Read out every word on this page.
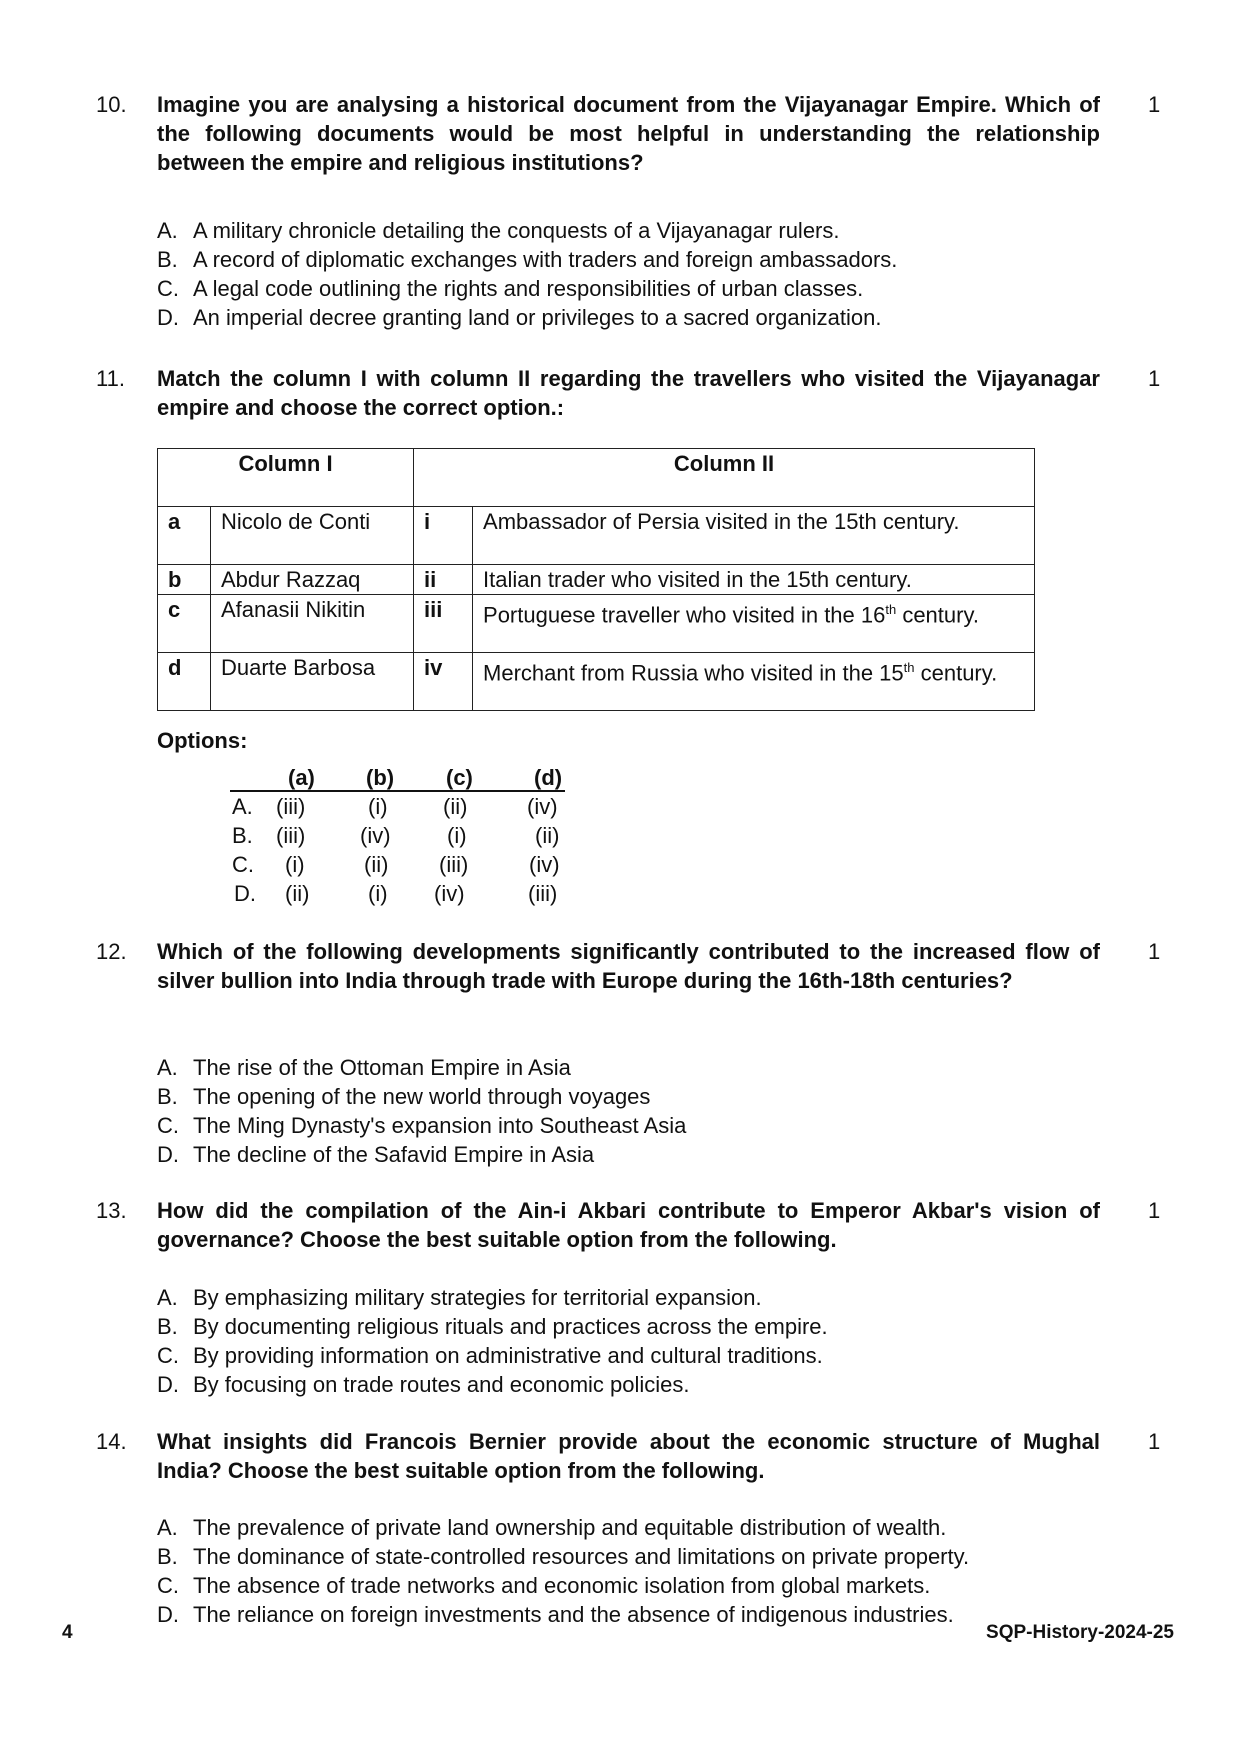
10. Imagine you are analysing a historical document from the Vijayanagar Empire. Which of the following documents would be most helpful in understanding the relationship between the empire and religious institutions?
1
A. A military chronicle detailing the conquests of a Vijayanagar rulers.
B. A record of diplomatic exchanges with traders and foreign ambassadors.
C. A legal code outlining the rights and responsibilities of urban classes.
D. An imperial decree granting land or privileges to a sacred organization.
11. Match the column I with column II regarding the travellers who visited the Vijayanagar empire and choose the correct option.:
1
Column I		Column II	
a	Nicolo de Conti	i	Ambassador of Persia visited in the 15th century.
b	Abdur Razzaq	ii	Italian trader who visited in the 15th century.
c	Afanasii Nikitin	iii	Portuguese traveller who visited in the 16th century.
d	Duarte Barbosa	iv	Merchant from Russia who visited in the 15th century.
Options:
(a) (b) (c)	(d)
A. (iii)	(i)	(ii)	(iv)
B. (iii) (iv)	(i)	(ii)
C. (i)	(ii) (iii)	(iv)
D. (ii)	(i) (iv)	(iii)
12. Which of the following developments significantly contributed to the increased flow of silver bullion into India through trade with Europe during the 16th-18th centuries?
1
A. The rise of the Ottoman Empire in Asia
B. The opening of the new world through voyages
C. The Ming Dynasty's expansion into Southeast Asia
D. The decline of the Safavid Empire in Asia
13. How did the compilation of the Ain-i Akbari contribute to Emperor Akbar's vision of governance? Choose the best suitable option from the following.
1
A. By emphasizing military strategies for territorial expansion.
B. By documenting religious rituals and practices across the empire.
C. By providing information on administrative and cultural traditions.
D. By focusing on trade routes and economic policies.
14. What insights did Francois Bernier provide about the economic structure of Mughal India? Choose the best suitable option from the following.
1
A. The prevalence of private land ownership and equitable distribution of wealth.
B. The dominance of state-controlled resources and limitations on private property.
C. The absence of trade networks and economic isolation from global markets.
D. The reliance on foreign investments and the absence of indigenous industries.
4	SQP-History-2024-25
